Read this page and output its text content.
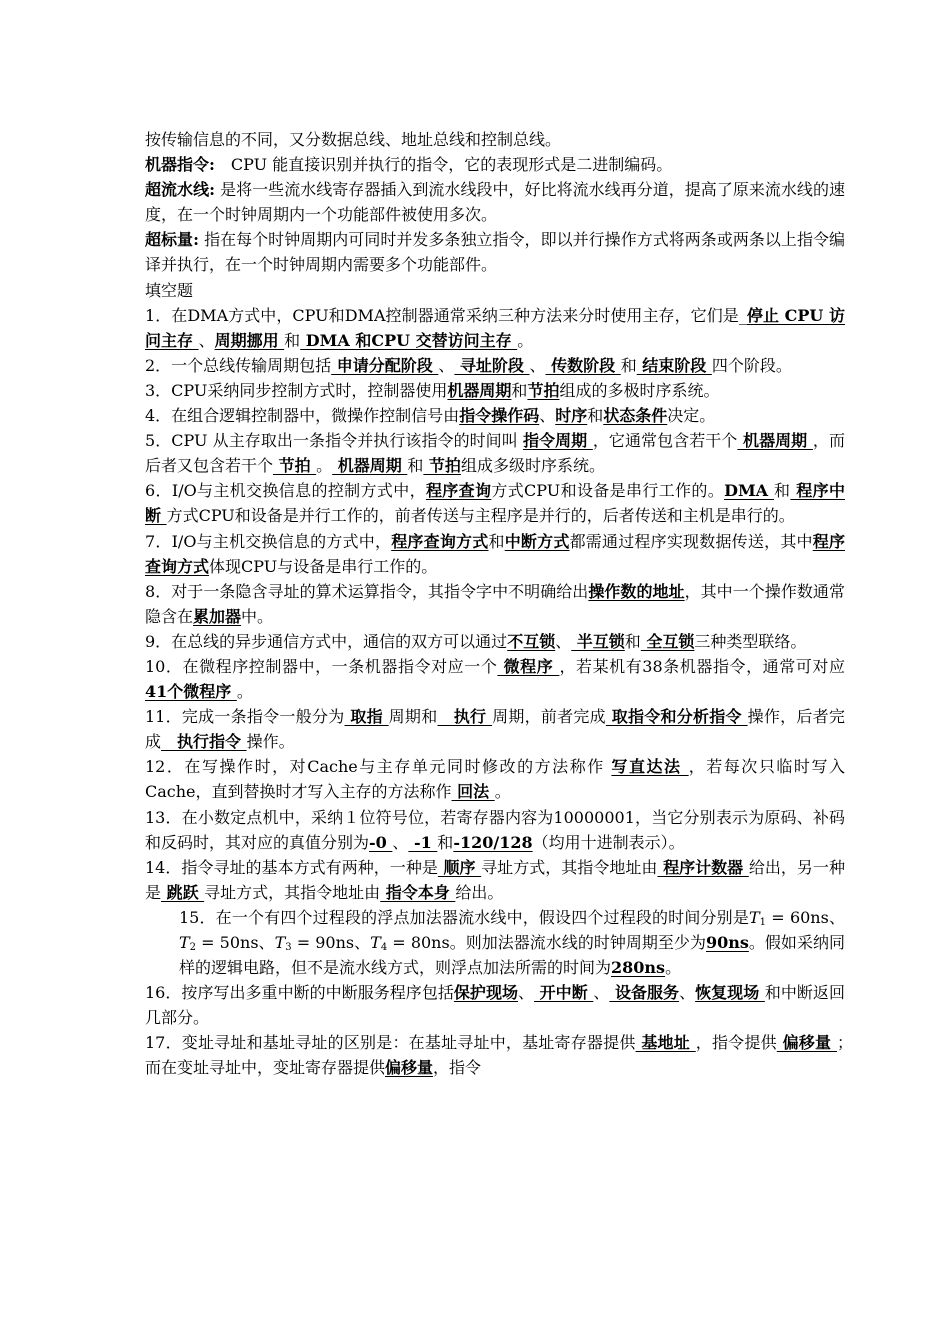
按传输信息的不同，又分数据总线、地址总线和控制总线。

机器指令:　CPU 能直接识别并执行的指令，它的表现形式是二进制编码。

超流水线: 是将一些流水线寄存器插入到流水线段中，好比将流水线再分道，提高了原来流水线的速度，在一个时钟周期内一个功能部件被使用多次。

超标量: 指在每个时钟周期内可同时并发多条独立指令，即以并行操作方式将两条或两条以上指令编译并执行，在一个时钟周期内需要多个功能部件。

填空题

1．在DMA方式中，CPU和DMA控制器通常采纳三种方法来分时使用主存，它们是_停止 CPU 访问主存 、周期挪用 和 DMA 和CPU 交替访问主存 。

2．一个总线传输周期包括 申请分配阶段 、 寻址阶段 、 传数阶段 和 结束阶段 四个阶段。

3．CPU采纳同步控制方式时，控制器使用机器周期和节拍组成的多极时序系统。

4．在组合逻辑控制器中，微操作控制信号由指令操作码、时序和状态条件决定。

5．CPU 从主存取出一条指令并执行该指令的时间叫 指令周期 ，它通常包含若干个 机器周期 ，而后者又包含若干个 节拍 。 机器周期 和 节拍组成多级时序系统。

6．I/O与主机交换信息的控制方式中，程序查询方式CPU和设备是串行工作的。DMA 和 程序中断 方式CPU和设备是并行工作的，前者传送与主程序是并行的，后者传送和主机是串行的。

7．I/O与主机交换信息的方式中，程序查询方式和中断方式都需通过程序实现数据传送，其中程序查询方式体现CPU与设备是串行工作的。

8．对于一条隐含寻址的算术运算指令，其指令字中不明确给出操作数的地址，其中一个操作数通常隐含在累加器中。

9．在总线的异步通信方式中，通信的双方可以通过不互锁、 半互锁和 全互锁三种类型联络。

10．在微程序控制器中，一条机器指令对应一个 微程序 ，若某机有38条机器指令，通常可对应 41个微程序 。

11．完成一条指令一般分为 取指 周期和　执行 周期，前者完成 取指令和分析指令 操作，后者完成　执行指令 操作。

12．在写操作时，对Cache与主存单元同时修改的方法称作 写直达法 ，若每次只临时写入Cache，直到替换时才写入主存的方法称作 回法 。

13．在小数定点机中，采纳１位符号位，若寄存器内容为10000001，当它分别表示为原码、补码和反码时，其对应的真值分别为-0 、 -1 和-120/128（均用十进制表示）。

14．指令寻址的基本方式有两种，一种是 顺序 寻址方式，其指令地址由 程序计数器 给出，另一种是 跳跃 寻址方式，其指令地址由 指令本身 给出。

15．在一个有四个过程段的浮点加法器流水线中，假设四个过程段的时间分别是$T_1 = 60ns$、$T_2 = 50ns$、$T_3 = 90ns$、$T_4 = 80ns$。则加法器流水线的时钟周期至少为90ns。假如采纳同样的逻辑电路，但不是流水线方式，则浮点加法所需的时间为280ns。

16．按序写出多重中断的中断服务程序包括保护现场、 开中断 、 设备服务、恢复现场 和中断返回几部分。

17．变址寻址和基址寻址的区别是：在基址寻址中，基址寄存器提供 基地址 ，指令提供 偏移量 ；　而在变址寻址中，变址寄存器提供偏移量，指令
